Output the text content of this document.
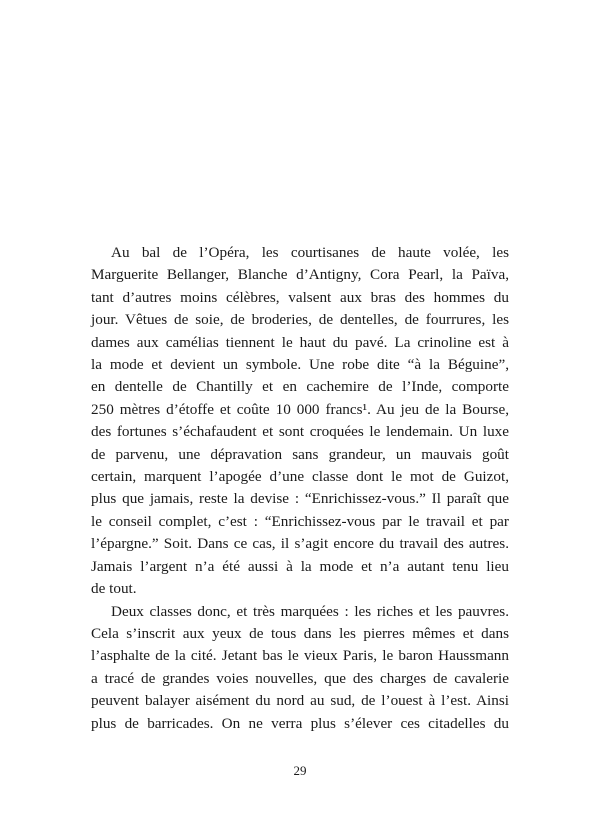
Au bal de l’Opéra, les courtisanes de haute volée, les
Marguerite Bellanger, Blanche d’Antigny, Cora Pearl, la Païva,
tant d’autres moins célèbres, valsent aux bras des hommes du
jour. Vêtues de soie, de broderies, de dentelles, de fourrures, les
dames aux camélias tiennent le haut du pavé. La crinoline est à
la mode et devient un symbole. Une robe dite “à la Béguine”,
en dentelle de Chantilly et en cachemire de l’Inde, comporte
250 mètres d’étoffe et coûte 10 000 francs¹. Au jeu de la Bourse,
des fortunes s’échafaudent et sont croquées le lendemain. Un luxe
de parvenu, une dépravation sans grandeur, un mauvais goût
certain, marquent l’apogée d’une classe dont le mot de Guizot,
plus que jamais, reste la devise : “Enrichissez-vous.” Il paraît que
le conseil complet, c’est : “Enrichissez-vous par le travail et par
l’épargne.” Soit. Dans ce cas, il s’agit encore du travail des autres.
Jamais l’argent n’a été aussi à la mode et n’a autant tenu lieu
de tout.

Deux classes donc, et très marquées : les riches et les pauvres.
Cela s’inscrit aux yeux de tous dans les pierres mêmes et dans
l’asphalte de la cité. Jetant bas le vieux Paris, le baron Haussmann
a tracé de grandes voies nouvelles, que des charges de cavalerie
peuvent balayer aisément du nord au sud, de l’ouest à l’est. Ainsi
plus de barricades. On ne verra plus s’élever ces citadelles du

29
